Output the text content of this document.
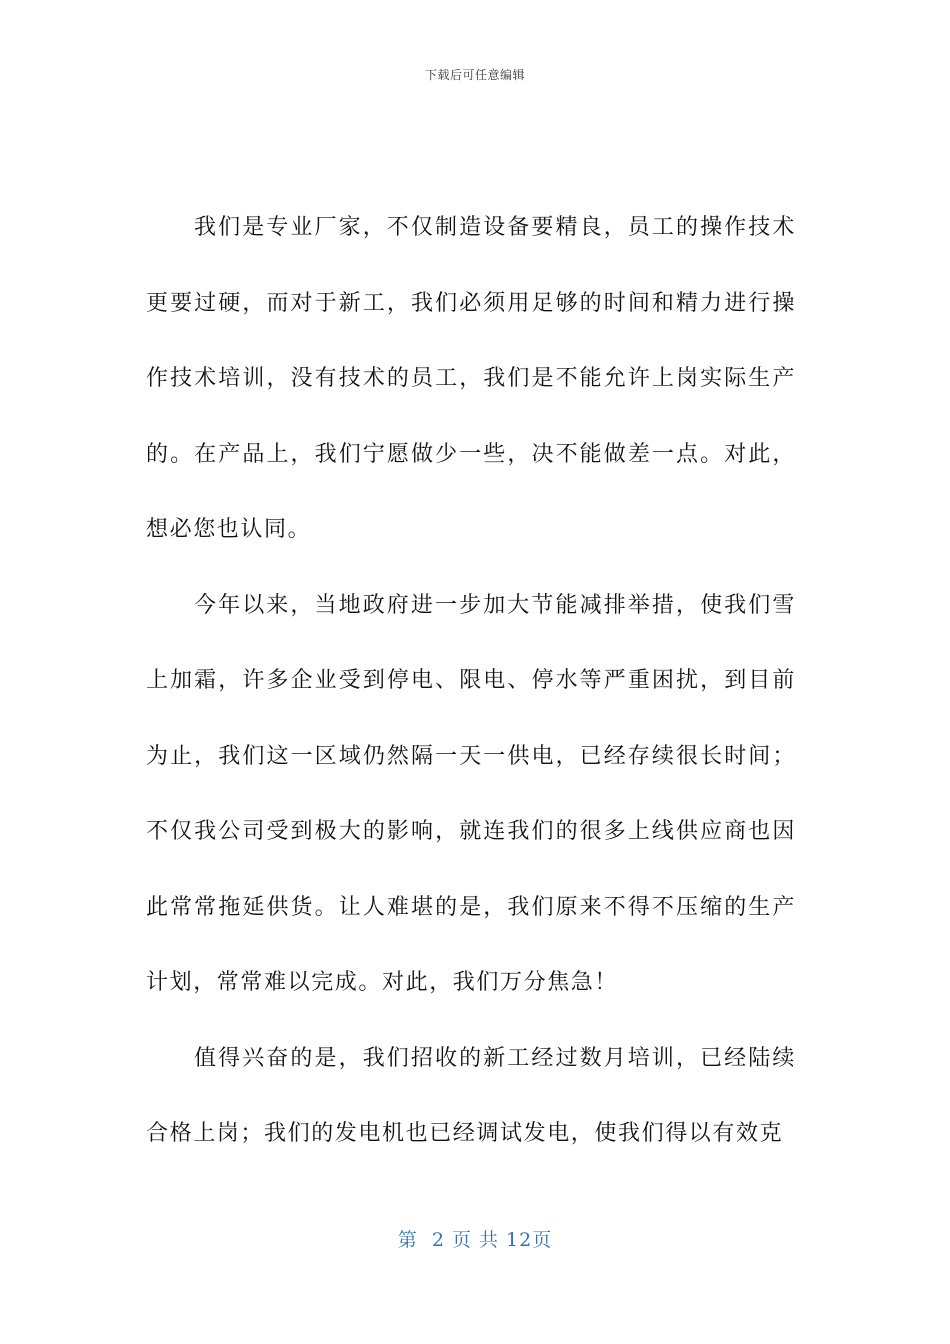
下载后可任意编辑

我们是专业厂家，不仅制造设备要精良，员工的操作技术更要过硬，而对于新工，我们必须用足够的时间和精力进行操作技术培训，没有技术的员工，我们是不能允许上岗实际生产的。在产品上，我们宁愿做少一些，决不能做差一点。对此，想必您也认同。

今年以来，当地政府进一步加大节能减排举措，使我们雪上加霜，许多企业受到停电、限电、停水等严重困扰，到目前为止，我们这一区域仍然隔一天一供电，已经存续很长时间；不仅我公司受到极大的影响，就连我们的很多上线供应商也因此常常拖延供货。让人难堪的是，我们原来不得不压缩的生产计划，常常难以完成。对此，我们万分焦急！

值得兴奋的是，我们招收的新工经过数月培训，已经陆续合格上岗；我们的发电机也已经调试发电，使我们得以有效克

第  2 页 共 12页
